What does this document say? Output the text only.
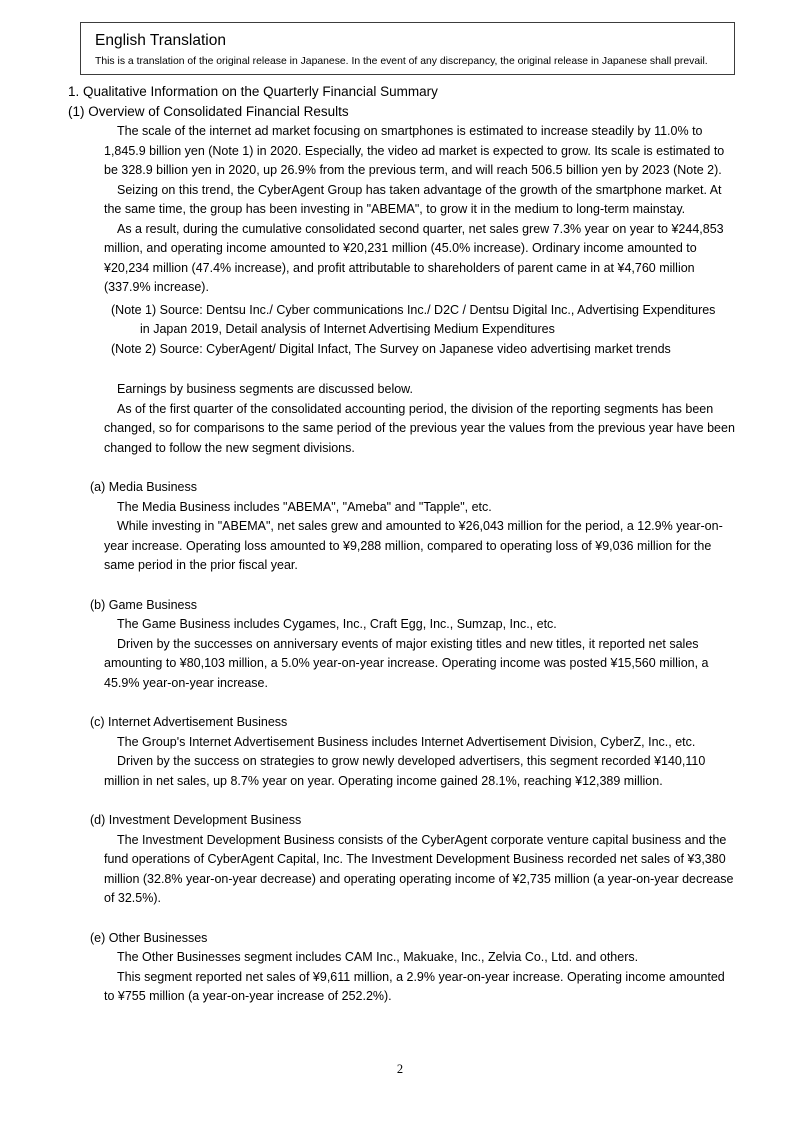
English Translation
This is a translation of the original release in Japanese. In the event of any discrepancy, the original release in Japanese shall prevail.
1. Qualitative Information on the Quarterly Financial Summary
(1) Overview of Consolidated Financial Results

The scale of the internet ad market focusing on smartphones is estimated to increase steadily by 11.0% to 1,845.9 billion yen (Note 1) in 2020. Especially, the video ad market is expected to grow. Its scale is estimated to be 328.9 billion yen in 2020, up 26.9% from the previous term, and will reach 506.5 billion yen by 2023 (Note 2).

Seizing on this trend, the CyberAgent Group has taken advantage of the growth of the smartphone market. At the same time, the group has been investing in "ABEMA", to grow it in the medium to long-term mainstay.

As a result, during the cumulative consolidated second quarter, net sales grew 7.3% year on year to ¥244,853 million, and operating income amounted to ¥20,231 million (45.0% increase). Ordinary income amounted to ¥20,234 million (47.4% increase), and profit attributable to shareholders of parent came in at ¥4,760 million (337.9% increase).

(Note 1) Source: Dentsu Inc./ Cyber communications Inc./ D2C / Dentsu Digital Inc., Advertising Expenditures
in Japan 2019, Detail analysis of Internet Advertising Medium Expenditures
(Note 2) Source: CyberAgent/ Digital Infact, The Survey on Japanese video advertising market trends

Earnings by business segments are discussed below.

As of the first quarter of the consolidated accounting period, the division of the reporting segments has been changed, so for comparisons to the same period of the previous year the values from the previous year have been changed to follow the new segment divisions.

(a) Media Business

The Media Business includes "ABEMA", "Ameba" and "Tapple", etc.

While investing in "ABEMA", net sales grew and amounted to ¥26,043 million for the period, a 12.9% year-on-year increase. Operating loss amounted to ¥9,288 million, compared to operating loss of ¥9,036 million for the same period in the prior fiscal year.

(b) Game Business

The Game Business includes Cygames, Inc., Craft Egg, Inc., Sumzap, Inc., etc.

Driven by the successes on anniversary events of major existing titles and new titles, it reported net sales amounting to ¥80,103 million, a 5.0% year-on-year increase. Operating income was posted ¥15,560 million, a 45.9% year-on-year increase.

(c) Internet Advertisement Business

The Group's Internet Advertisement Business includes Internet Advertisement Division, CyberZ, Inc., etc.

Driven by the success on strategies to grow newly developed advertisers, this segment recorded ¥140,110 million in net sales, up 8.7% year on year. Operating income gained 28.1%, reaching ¥12,389 million.

(d) Investment Development Business

The Investment Development Business consists of the CyberAgent corporate venture capital business and the fund operations of CyberAgent Capital, Inc. The Investment Development Business recorded net sales of ¥3,380 million (32.8% year-on-year decrease) and operating operating income of ¥2,735 million (a year-on-year decrease of 32.5%).

(e) Other Businesses

The Other Businesses segment includes CAM Inc., Makuake, Inc., Zelvia Co., Ltd. and others.

This segment reported net sales of ¥9,611 million, a 2.9% year-on-year increase. Operating income amounted to ¥755 million (a year-on-year increase of 252.2%).

2
